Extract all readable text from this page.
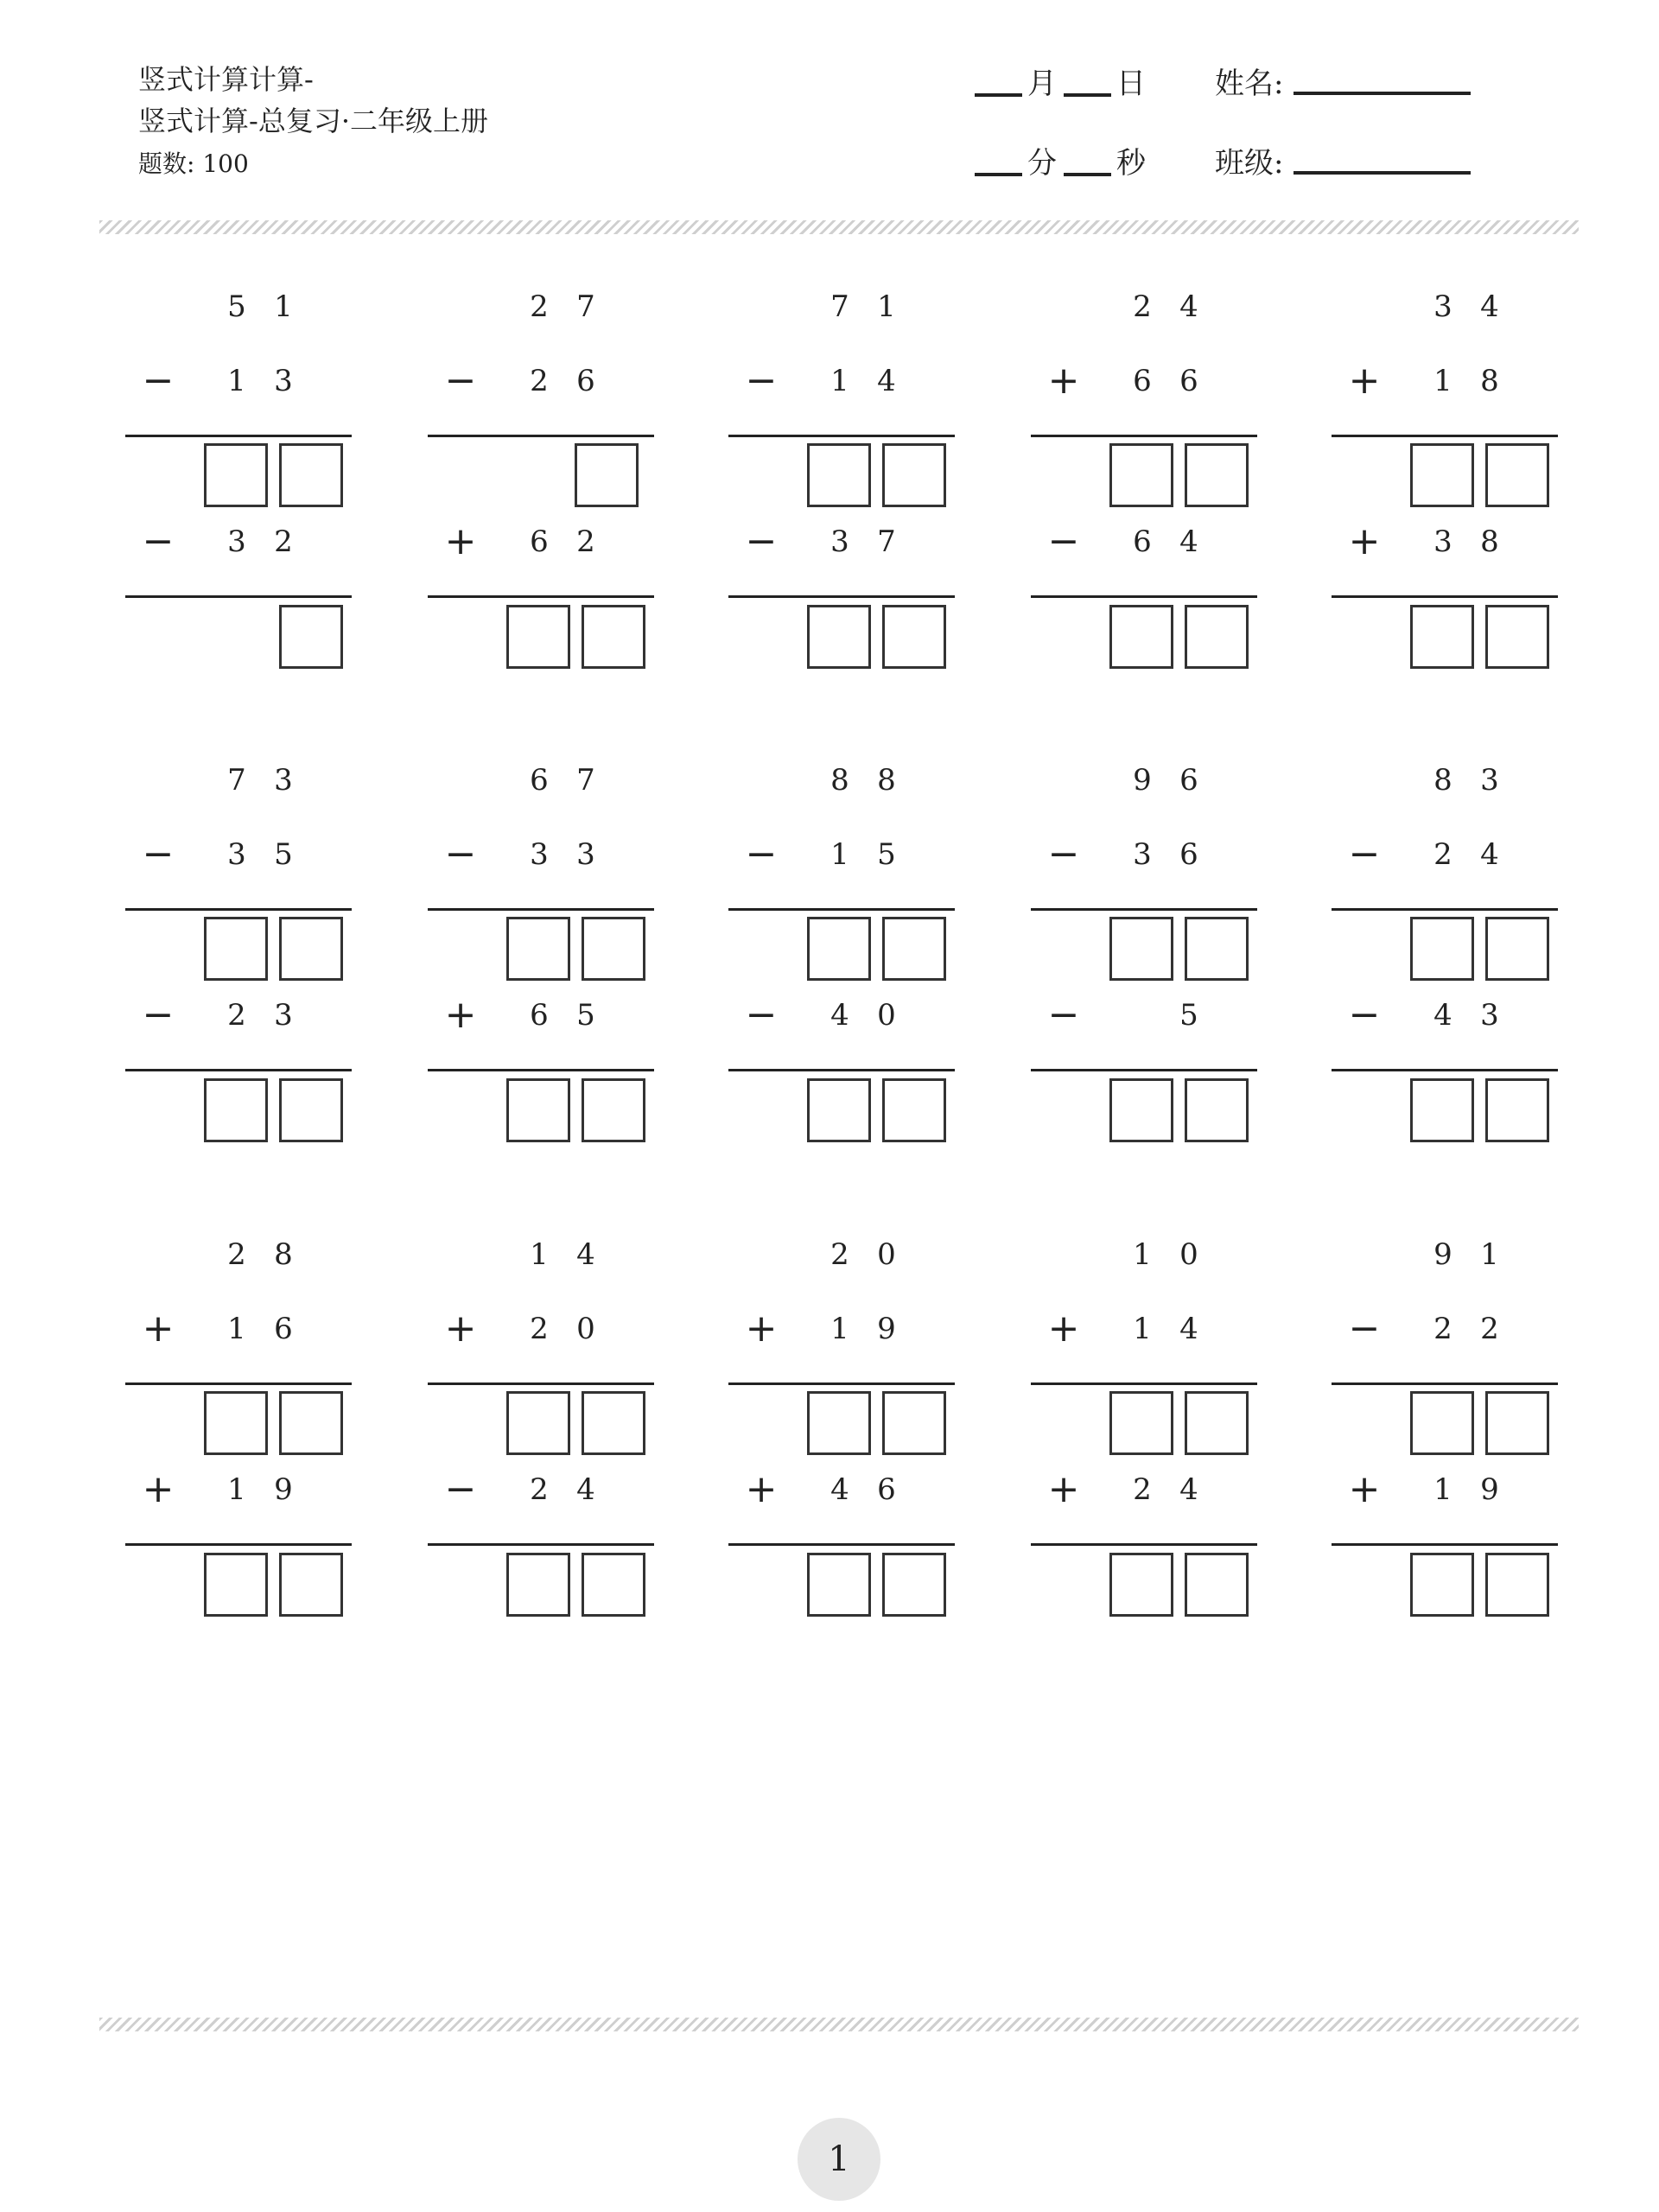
竖式计算计算-
竖式计算-总复习·二年级上册
题数: 100
月 日 姓名:
分 秒 班级:
5 1
−	1 3
−	3 2
2 7
−	2 6
+	6 2
7 1
−	1 4
−	3 7
2 4
+	6 6
−	6 4
3 4
+	1 8
+	3 8
7 3
−	3 5
−	2 3
6 7
−	3 3
+	6 5
8 8
−	1 5
−	4 0
9 6
−	3 6
−	5
8 3
−	2 4
−	4 3
2 8
+	1 6
+	1 9
1 4
+	2 0
−	2 4
2 0
+	1 9
+	4 6
1 0
+	1 4
+	2 4
9 1
−	2 2
+	1 9
1
